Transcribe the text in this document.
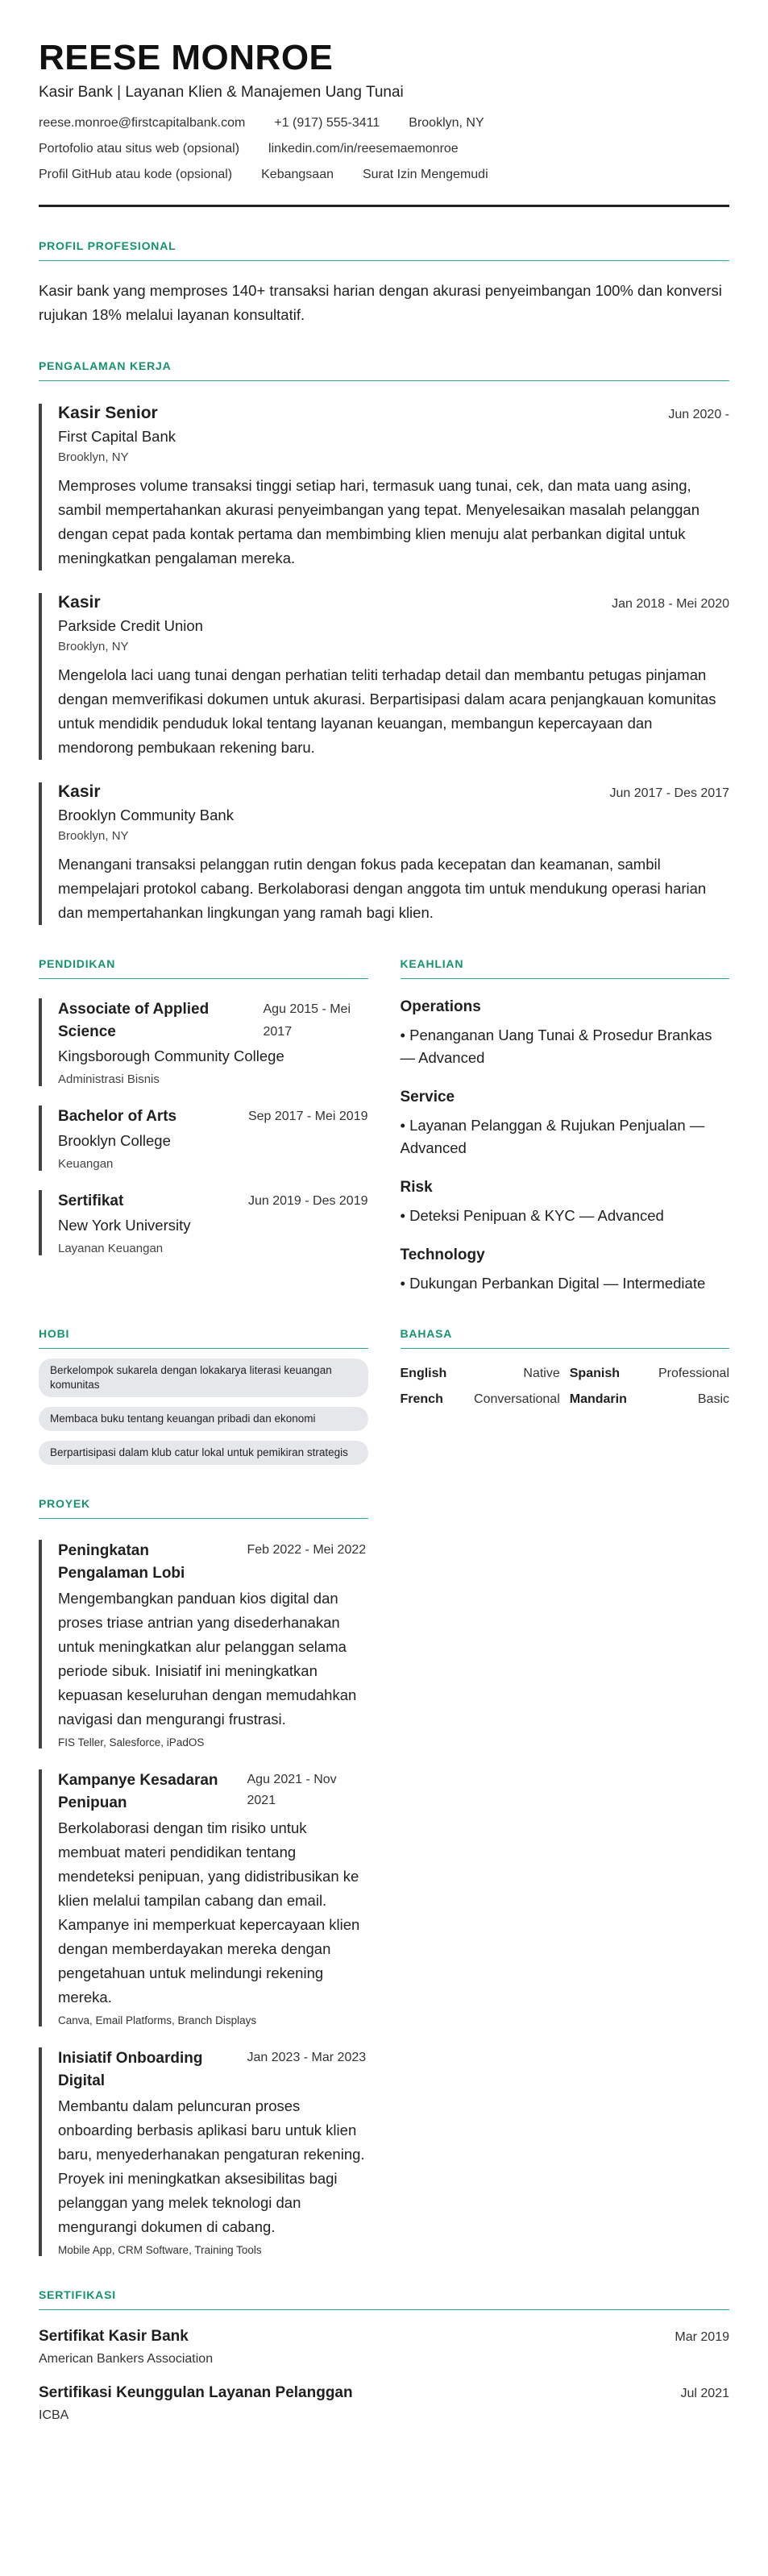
REESE MONROE
Kasir Bank | Layanan Klien & Manajemen Uang Tunai
reese.monroe@firstcapitalbank.com +1 (917) 555-3411 Brooklyn, NY
Portofolio atau situs web (opsional) linkedin.com/in/reesemaemonroe
Profil GitHub atau kode (opsional) Kebangsaan Surat Izin Mengemudi
PROFIL PROFESIONAL

Kasir bank yang memproses 140+ transaksi harian dengan akurasi penyeimbangan 100% dan konversi rujukan 18% melalui layanan konsultatif.

PENGALAMAN KERJA
Kasir Senior	Jun 2020 -
First Capital Bank
Brooklyn, NY

Memproses volume transaksi tinggi setiap hari, termasuk uang tunai, cek, dan mata uang asing, sambil mempertahankan akurasi penyeimbangan yang tepat. Menyelesaikan masalah pelanggan dengan cepat pada kontak pertama dan membimbing klien menuju alat perbankan digital untuk meningkatkan pengalaman mereka.

Kasir	Jan 2018 - Mei 2020
Parkside Credit Union
Brooklyn, NY

Mengelola laci uang tunai dengan perhatian teliti terhadap detail dan membantu petugas pinjaman dengan memverifikasi dokumen untuk akurasi. Berpartisipasi dalam acara penjangkauan komunitas untuk mendidik penduduk lokal tentang layanan keuangan, membangun kepercayaan dan mendorong pembukaan rekening baru.

Kasir	Jun 2017 - Des 2017
Brooklyn Community Bank
Brooklyn, NY

Menangani transaksi pelanggan rutin dengan fokus pada kecepatan dan keamanan, sambil mempelajari protokol cabang. Berkolaborasi dengan anggota tim untuk mendukung operasi harian dan mempertahankan lingkungan yang ramah bagi klien.

PENDIDIKAN
Associate of Applied Science
Agu 2015 - Mei 2017
Kingsborough Community College
Administrasi Bisnis
Bachelor of Arts	Sep 2017 - Mei 2019
Brooklyn College
Keuangan
Sertifikat	Jun 2019 - Des 2019
New York University
Layanan Keuangan
KEAHLIAN
Operations
• Penanganan Uang Tunai & Prosedur Brankas — Advanced
Service
• Layanan Pelanggan & Rujukan Penjualan — Advanced
Risk
• Deteksi Penipuan & KYC — Advanced
Technology
• Dukungan Perbankan Digital — Intermediate
HOBI
Berkelompok sukarela dengan lokakarya literasi keuangan komunitas
Membaca buku tentang keuangan pribadi dan ekonomi
Berpartisipasi dalam klub catur lokal untuk pemikiran strategis
BAHASA
English	Native Spanish	Professional
French Conversational Mandarin	Basic
PROYEK
Peningkatan Pengalaman Lobi
Feb 2022 - Mei 2022

Mengembangkan panduan kios digital dan proses triase antrian yang disederhanakan untuk meningkatkan alur pelanggan selama periode sibuk. Inisiatif ini meningkatkan kepuasan keseluruhan dengan memudahkan navigasi dan mengurangi frustrasi.

FIS Teller, Salesforce, iPadOS
Kampanye Kesadaran Penipuan
Agu 2021 - Nov 2021

Berkolaborasi dengan tim risiko untuk membuat materi pendidikan tentang mendeteksi penipuan, yang didistribusikan ke klien melalui tampilan cabang dan email. Kampanye ini memperkuat kepercayaan klien dengan memberdayakan mereka dengan pengetahuan untuk melindungi rekening mereka.

Canva, Email Platforms, Branch Displays
Inisiatif Onboarding Digital
Jan 2023 - Mar 2023

Membantu dalam peluncuran proses onboarding berbasis aplikasi baru untuk klien baru, menyederhanakan pengaturan rekening. Proyek ini meningkatkan aksesibilitas bagi pelanggan yang melek teknologi dan mengurangi dokumen di cabang.

Mobile App, CRM Software, Training Tools
SERTIFIKASI
Sertifikat Kasir Bank	Mar 2019
American Bankers Association
Sertifikasi Keunggulan Layanan Pelanggan	Jul 2021
ICBA
